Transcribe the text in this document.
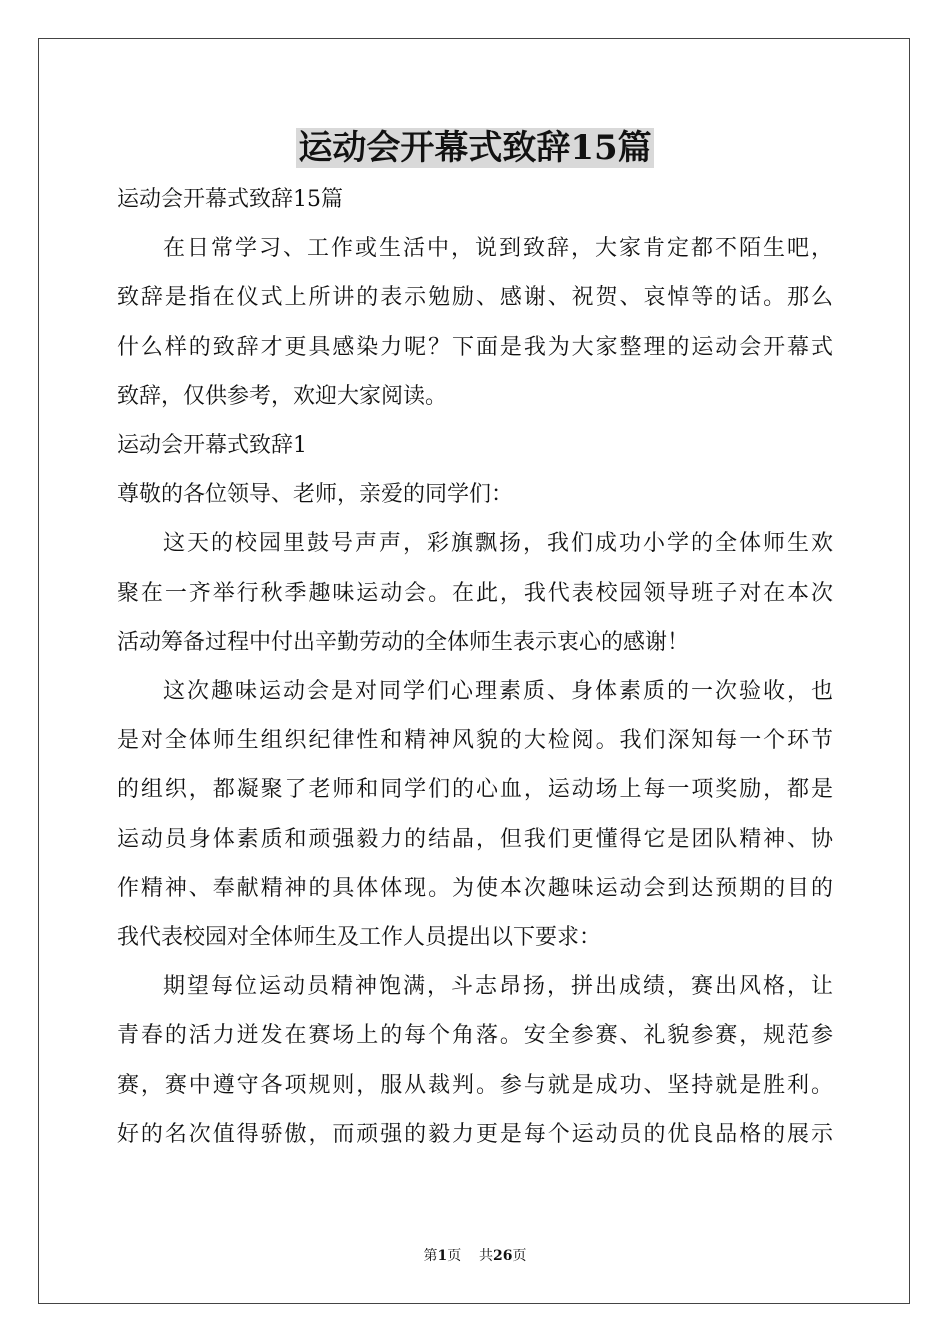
运动会开幕式致辞15篇

运动会开幕式致辞15篇

在日常学习、工作或生活中，说到致辞，大家肯定都不陌生吧，

致辞是指在仪式上所讲的表示勉励、感谢、祝贺、哀悼等的话。那么

什么样的致辞才更具感染力呢？下面是我为大家整理的运动会开幕式

致辞，仅供参考，欢迎大家阅读。

运动会开幕式致辞1

尊敬的各位领导、老师，亲爱的同学们：

这天的校园里鼓号声声，彩旗飘扬，我们成功小学的全体师生欢

聚在一齐举行秋季趣味运动会。在此，我代表校园领导班子对在本次

活动筹备过程中付出辛勤劳动的全体师生表示衷心的感谢！

这次趣味运动会是对同学们心理素质、身体素质的一次验收，也

是对全体师生组织纪律性和精神风貌的大检阅。我们深知每一个环节

的组织，都凝聚了老师和同学们的心血，运动场上每一项奖励，都是

运动员身体素质和顽强毅力的结晶，但我们更懂得它是团队精神、协

作精神、奉献精神的具体体现。为使本次趣味运动会到达预期的目的

我代表校园对全体师生及工作人员提出以下要求：

期望每位运动员精神饱满，斗志昂扬，拼出成绩，赛出风格，让

青春的活力迸发在赛场上的每个角落。安全参赛、礼貌参赛，规范参

赛，赛中遵守各项规则，服从裁判。参与就是成功、坚持就是胜利。

好的名次值得骄傲，而顽强的毅力更是每个运动员的优良品格的展示

第1页 共26页
